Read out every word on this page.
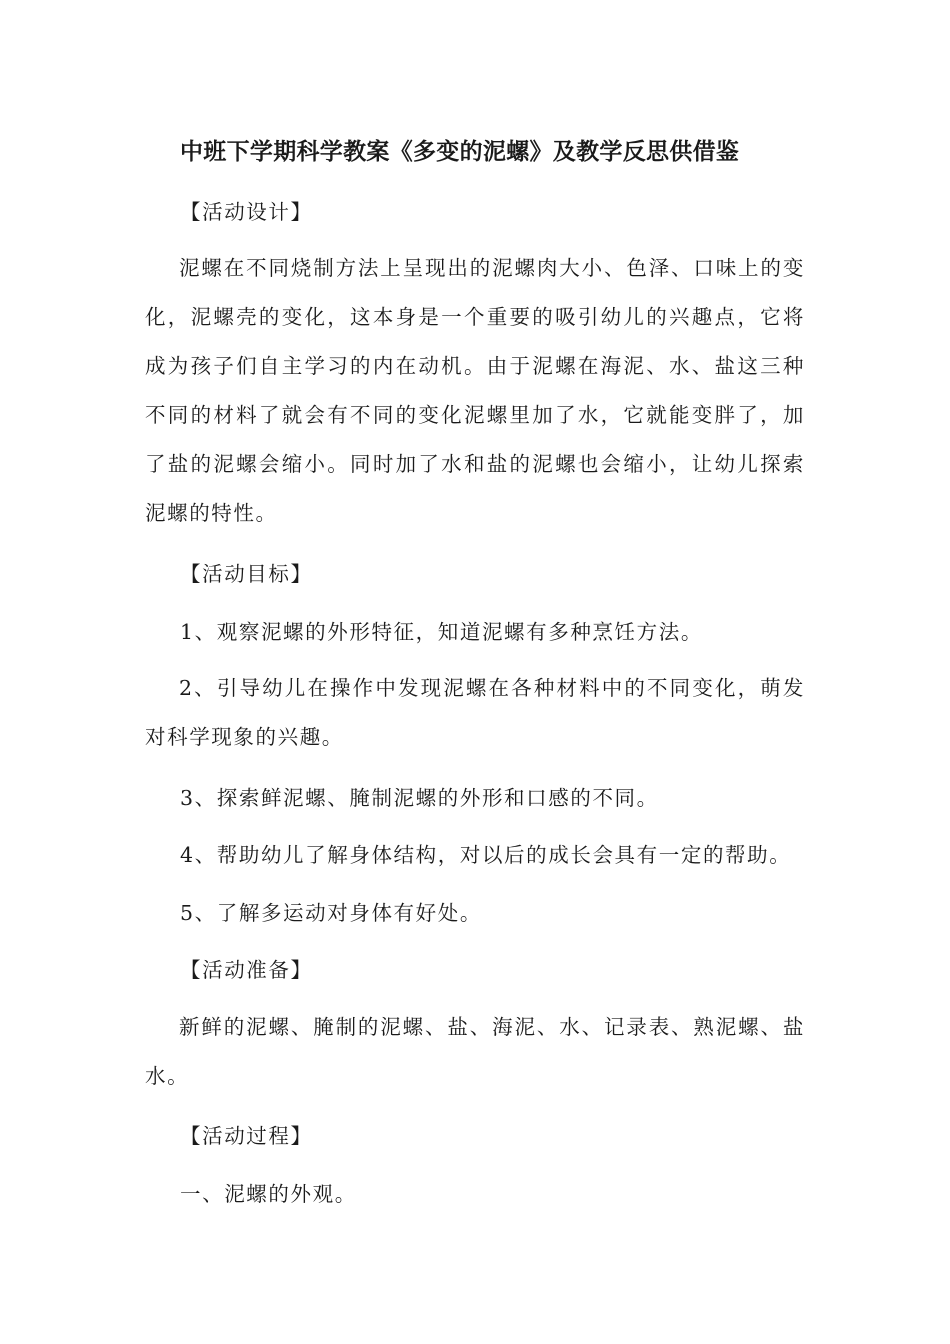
中班下学期科学教案《多变的泥螺》及教学反思供借鉴
【活动设计】
泥螺在不同烧制方法上呈现出的泥螺肉大小、色泽、口味上的变化，泥螺壳的变化，这本身是一个重要的吸引幼儿的兴趣点，它将成为孩子们自主学习的内在动机。由于泥螺在海泥、水、盐这三种不同的材料了就会有不同的变化泥螺里加了水，它就能变胖了，加了盐的泥螺会缩小。同时加了水和盐的泥螺也会缩小，让幼儿探索泥螺的特性。
【活动目标】
1、观察泥螺的外形特征，知道泥螺有多种烹饪方法。
2、引导幼儿在操作中发现泥螺在各种材料中的不同变化，萌发对科学现象的兴趣。
3、探索鲜泥螺、腌制泥螺的外形和口感的不同。
4、帮助幼儿了解身体结构，对以后的成长会具有一定的帮助。
5、了解多运动对身体有好处。
【活动准备】
新鲜的泥螺、腌制的泥螺、盐、海泥、水、记录表、熟泥螺、盐水。
【活动过程】
一、泥螺的外观。
